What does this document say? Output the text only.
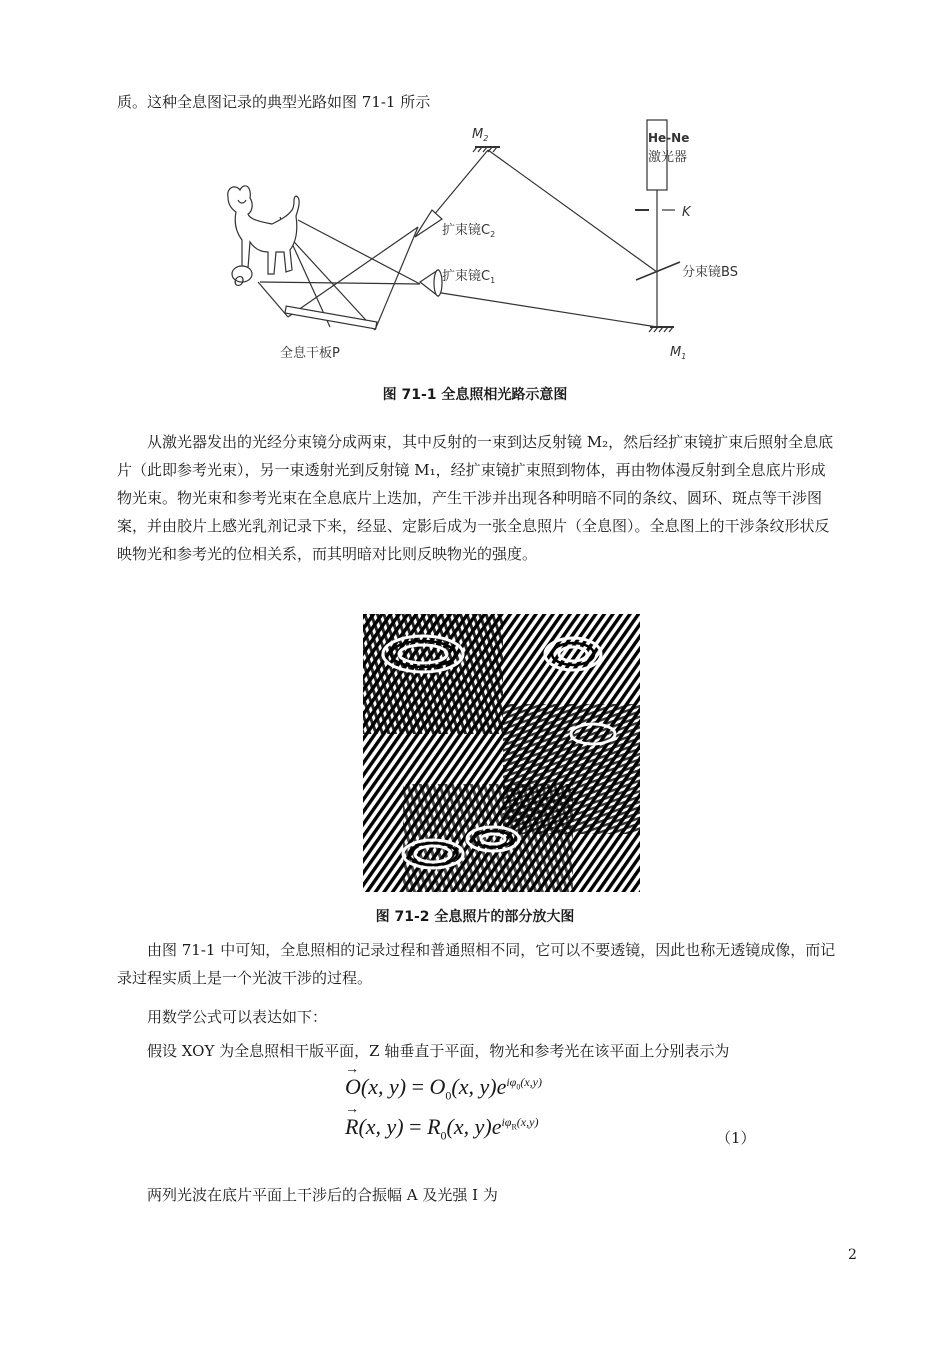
质。这种全息图记录的典型光路如图 71-1 所示
He-Ne
激光器
$M_2$
K
分束镜BS
扩束镜$C_2$
扩束镜$C_1$
O
全息干板P	$M_1$
图 71-1 全息照相光路示意图
从激光器发出的光经分束镜分成两束，其中反射的一束到达反射镜 M₂，然后经扩束镜扩束后照射全息底片（此即参考光束），另一束透射光到反射镜 M₁，经扩束镜扩束照到物体，再由物体漫反射到全息底片形成物光束。物光束和参考光束在全息底片上迭加，产生干涉并出现各种明暗不同的条纹、圆环、斑点等干涉图案，并由胶片上感光乳剂记录下来，经显、定影后成为一张全息照片（全息图）。全息图上的干涉条纹形状反映物光和参考光的位相关系，而其明暗对比则反映物光的强度。
图 71-2 全息照片的部分放大图
由图 71-1 中可知，全息照相的记录过程和普通照相不同，它可以不要透镜，因此也称无透镜成像，而记录过程实质上是一个光波干涉的过程。
用数学公式可以表达如下：
假设 XOY 为全息照相干版平面，Z 轴垂直于平面，物光和参考光在该平面上分别表示为
→
O(x, $y) = O_0(x$, $y)e^{i\varphi_0(x,y)}$
→
R(x, $y) = R_0(x$, $y)e^{i\varphi_R(x,y)}$
（1）
两列光波在底片平面上干涉后的合振幅 A 及光强 I 为
2
